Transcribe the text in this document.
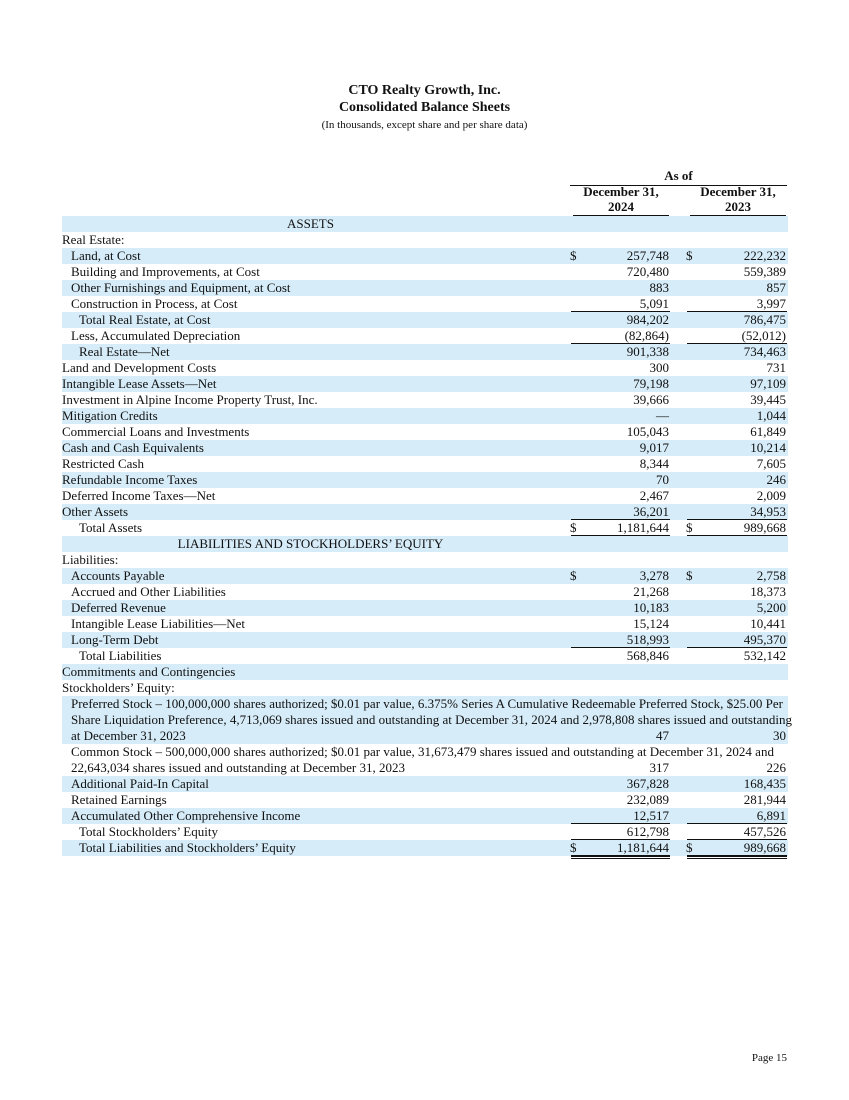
CTO Realty Growth, Inc.
Consolidated Balance Sheets
(In thousands, except share and per share data)
As of
December 31, 2024
December 31, 2023
ASSETS
Real Estate:
Land, at Cost	$	257,748 $	222,232
Building and Improvements, at Cost	720,480	559,389
Other Furnishings and Equipment, at Cost	883	857
Construction in Process, at Cost	5,091	3,997
Total Real Estate, at Cost	984,202	786,475
Less, Accumulated Depreciation	(82,864)	(52,012)
Real Estate—Net	901,338	734,463
Land and Development Costs	300	731
Intangible Lease Assets—Net	79,198	97,109
Investment in Alpine Income Property Trust, Inc.	39,666	39,445
Mitigation Credits	—	1,044
Commercial Loans and Investments	105,043	61,849
Cash and Cash Equivalents	9,017	10,214
Restricted Cash	8,344	7,605
Refundable Income Taxes	70	246
Deferred Income Taxes—Net	2,467	2,009
Other Assets	36,201	34,953
Total Assets	$	1,181,644 $	989,668
LIABILITIES AND STOCKHOLDERS’ EQUITY
Liabilities:
Accounts Payable	$	3,278 $	2,758
Accrued and Other Liabilities	21,268	18,373
Deferred Revenue	10,183	5,200
Intangible Lease Liabilities—Net	15,124	10,441
Long-Term Debt	518,993	495,370
Total Liabilities	568,846	532,142
Commitments and Contingencies
Stockholders’ Equity:
Preferred Stock – 100,000,000 shares authorized; $0.01 par value, 6.375% Series A Cumulative Redeemable Preferred Stock, $25.00 Per Share Liquidation Preference, 4,713,069 shares issued and outstanding at December 31, 2024 and 2,978,808 shares issued and outstanding at December 31, 2023	47	30
Common Stock – 500,000,000 shares authorized; $0.01 par value, 31,673,479 shares issued and outstanding at December 31, 2024 and 22,643,034 shares issued and outstanding at December 31, 2023	317	226
Additional Paid-In Capital	367,828	168,435
Retained Earnings	232,089	281,944
Accumulated Other Comprehensive Income	12,517	6,891
Total Stockholders’ Equity	612,798	457,526
Total Liabilities and Stockholders’ Equity	$	1,181,644 $	989,668
Page 15
